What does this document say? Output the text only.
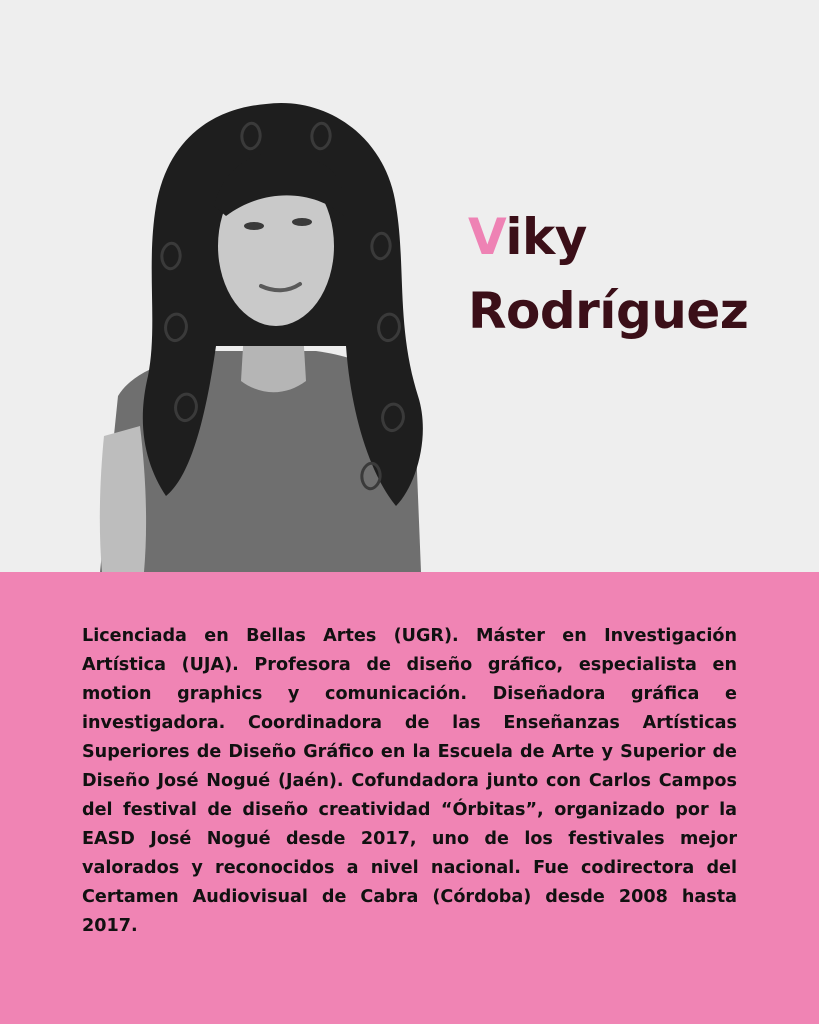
Viky
Rodríguez

Licenciada en Bellas Artes (UGR). Máster en Investigación Artística (UJA). Profesora de diseño gráfico, especialista en motion graphics y comunicación. Diseñadora gráfica e investigadora. Coordinadora de las Enseñanzas Artísticas Superiores de Diseño Gráfico en la Escuela de Arte y Superior de Diseño José Nogué (Jaén). Cofundadora junto con Carlos Campos del festival de diseño creatividad “Órbitas”, organizado por la EASD José Nogué desde 2017, uno de los festivales mejor valorados y reconocidos a nivel nacional. Fue codirectora del Certamen Audiovisual de Cabra (Córdoba) desde 2008 hasta 2017.
